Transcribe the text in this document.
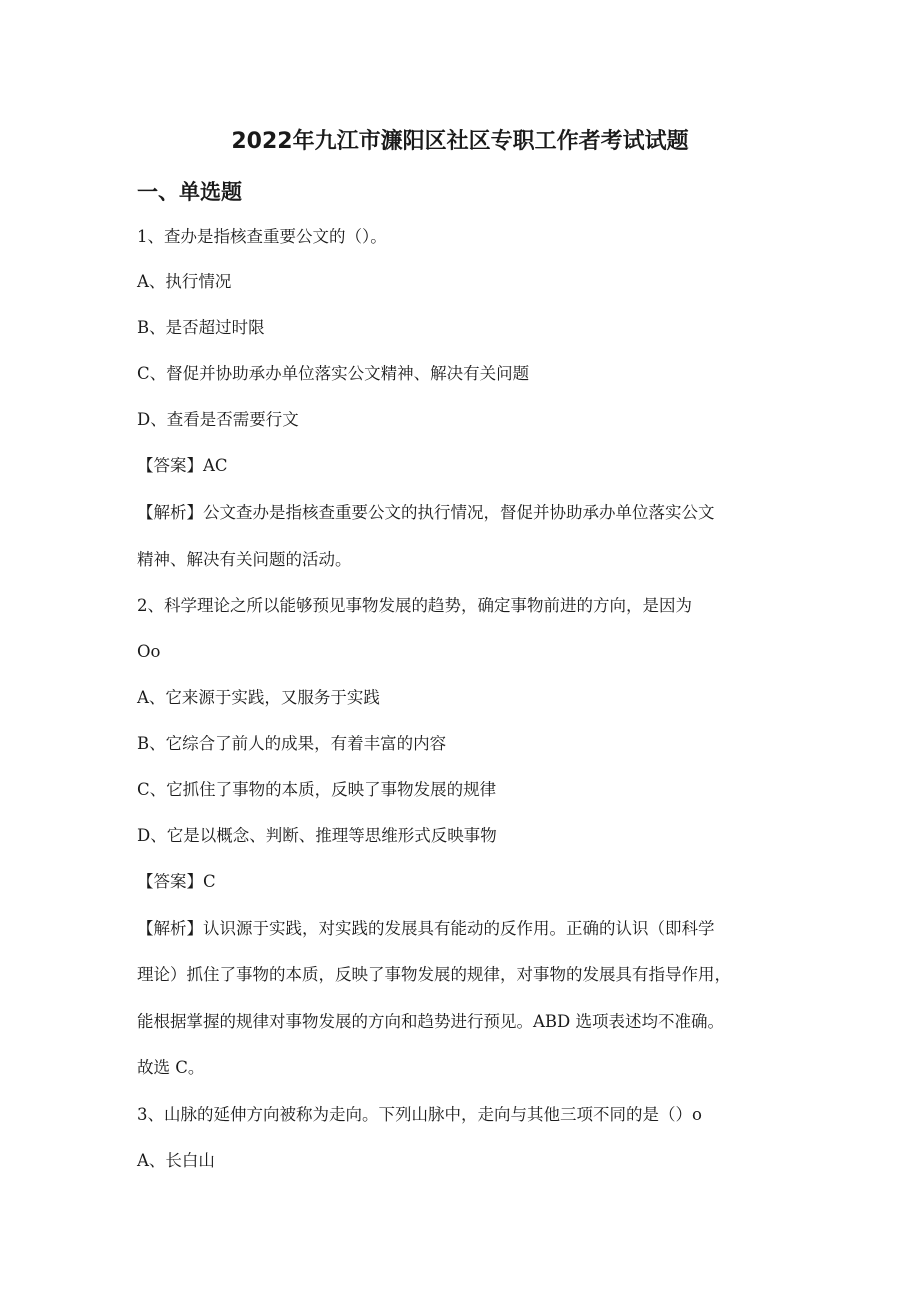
2022年九江市濂阳区社区专职工作者考试试题
一、单选题
1、查办是指核查重要公文的（）。
A、执行情况
B、是否超过时限
C、督促并协助承办单位落实公文精神、解决有关问题
D、查看是否需要行文
【答案】AC
【解析】公文查办是指核查重要公文的执行情况，督促并协助承办单位落实公文
精神、解决有关问题的活动。
2、科学理论之所以能够预见事物发展的趋势，确定事物前进的方向，是因为
Oo
A、它来源于实践，又服务于实践
B、它综合了前人的成果，有着丰富的内容
C、它抓住了事物的本质，反映了事物发展的规律
D、它是以概念、判断、推理等思维形式反映事物
【答案】C
【解析】认识源于实践，对实践的发展具有能动的反作用。正确的认识（即科学
理论）抓住了事物的本质，反映了事物发展的规律，对事物的发展具有指导作用，
能根据掌握的规律对事物发展的方向和趋势进行预见。ABD 选项表述均不准确。
故选 C。
3、山脉的延伸方向被称为走向。下列山脉中，走向与其他三项不同的是（）o
A、长白山
